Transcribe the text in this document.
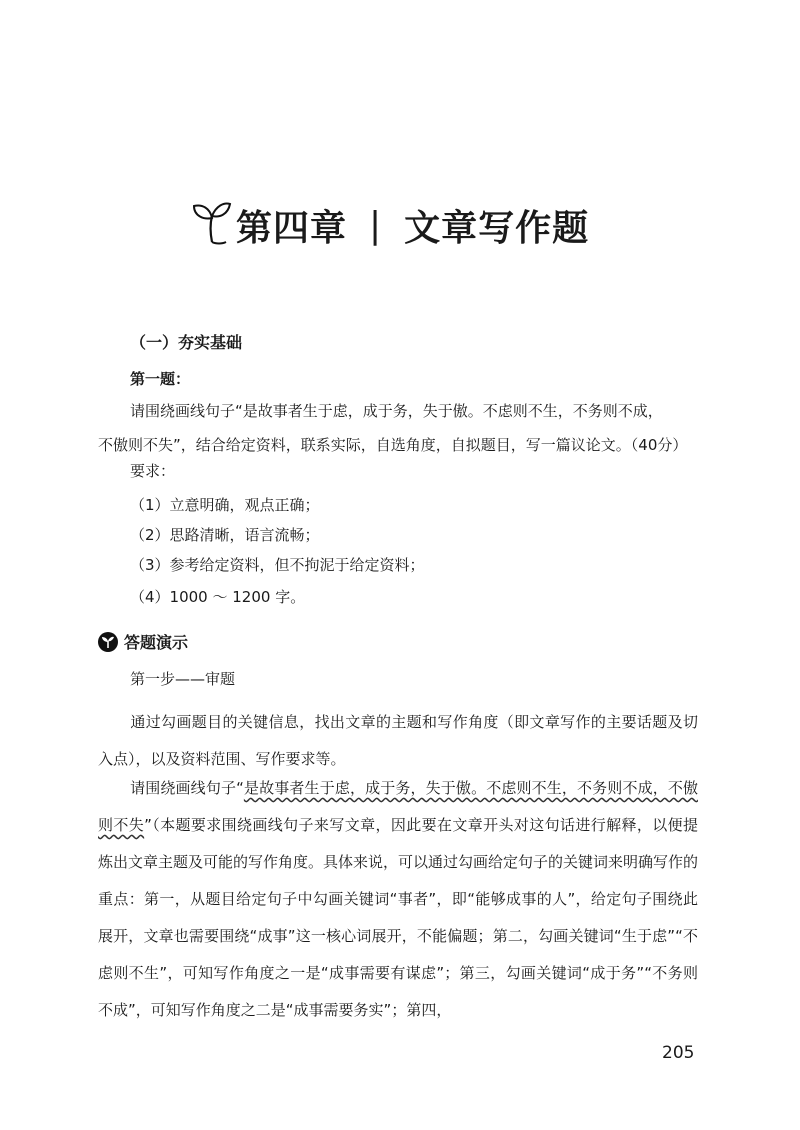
第四章 | 文章写作题
（一）夯实基础
第一题：

请围绕画线句子“是故事者生于虑，成于务，失于傲。不虑则不生，不务则不成，
不傲则不失”，结合给定资料，联系实际，自选角度，自拟题目，写一篇议论文。（40分）

要求：
（1）立意明确，观点正确；
（2）思路清晰，语言流畅；
（3）参考给定资料，但不拘泥于给定资料；
（4）1000 ～ 1200 字。
答题演示
第一步——审题

通过勾画题目的关键信息，找出文章的主题和写作角度（即文章写作的主要话题及切入点），以及资料范围、写作要求等。

请围绕画线句子“是故事者生于虑，成于务，失于傲。不虑则不生，不务则不成，不傲则不失”（本题要求围绕画线句子来写文章，因此要在文章开头对这句话进行解释，以便提炼出文章主题及可能的写作角度。具体来说，可以通过勾画给定句子的关键词来明确写作的重点：第一，从题目给定句子中勾画关键词“事者”，即“能够成事的人”，给定句子围绕此展开，文章也需要围绕“成事”这一核心词展开，不能偏题；第二，勾画关键词“生于虑”“不虑则不生”，可知写作角度之一是“成事需要有谋虑”；第三，勾画关键词“成于务”“不务则不成”，可知写作角度之二是“成事需要务实”；第四，

205
